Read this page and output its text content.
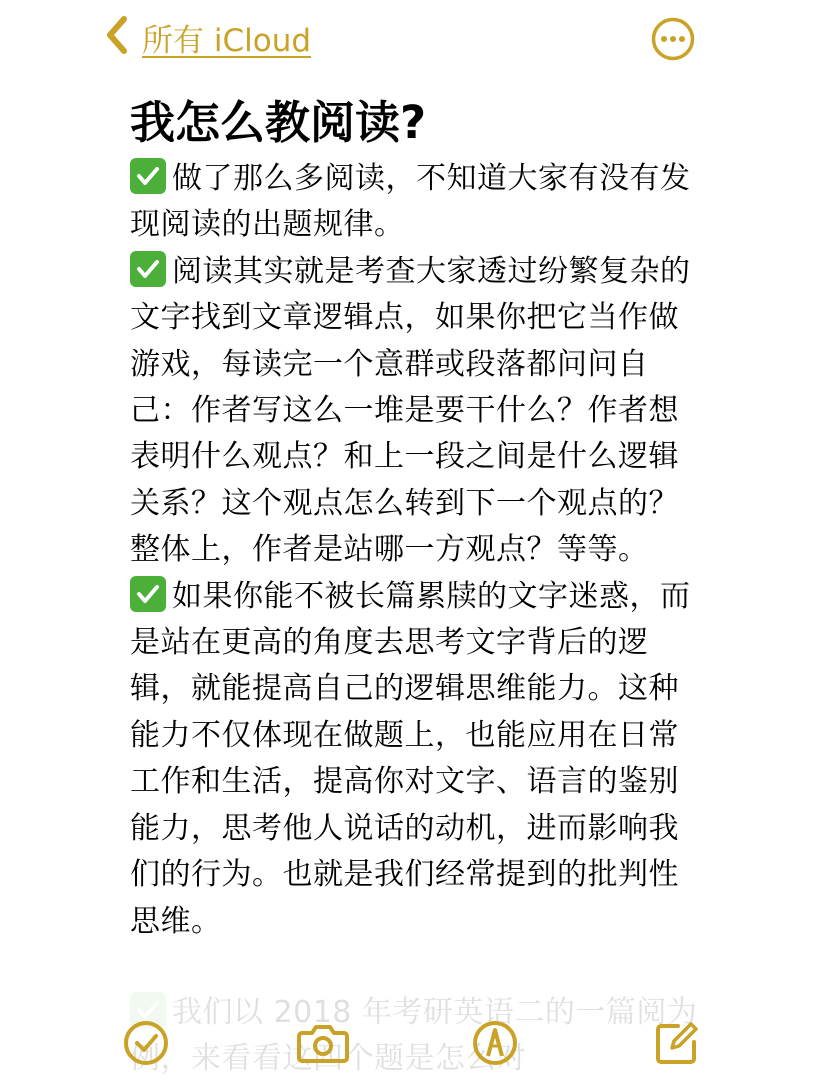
所有 iCloud
我怎么教阅读?

做了那么多阅读，不知道大家有没有发现阅读的出题规律。

阅读其实就是考查大家透过纷繁复杂的文字找到文章逻辑点，如果你把它当作做游戏，每读完一个意群或段落都问问自己：作者写这么一堆是要干什么？作者想表明什么观点？和上一段之间是什么逻辑关系？这个观点怎么转到下一个观点的？整体上，作者是站哪一方观点？等等。

如果你能不被长篇累牍的文字迷惑，而是站在更高的角度去思考文字背后的逻辑，就能提高自己的逻辑思维能力。这种能力不仅体现在做题上，也能应用在日常工作和生活，提高你对文字、语言的鉴别能力，思考他人说话的动机，进而影响我们的行为。也就是我们经常提到的批判性思维。

我们以 2018 年考研英语二的一篇阅为例，来看看这四个题是怎么对
